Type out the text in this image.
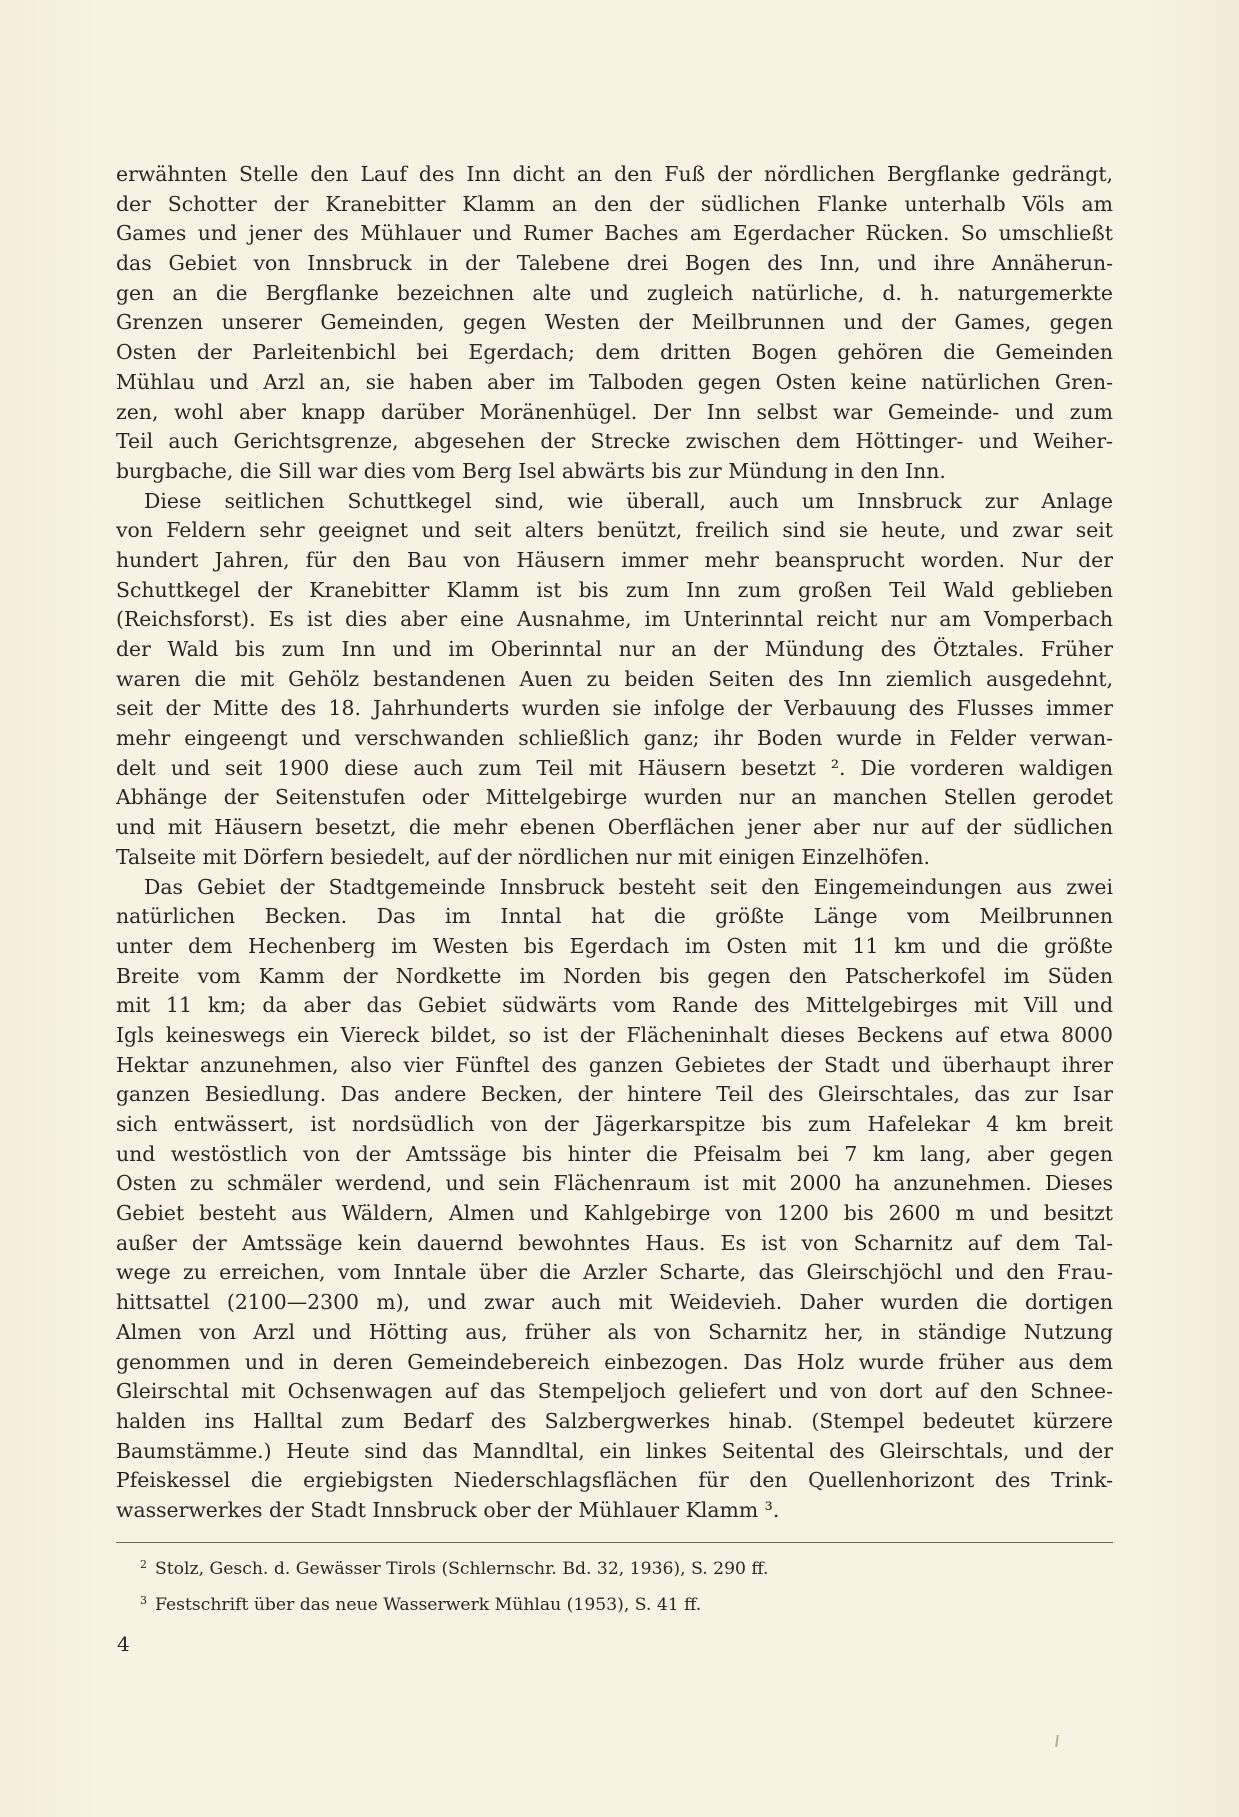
erwähnten Stelle den Lauf des Inn dicht an den Fuß der nördlichen Bergflanke gedrängt,
der Schotter der Kranebitter Klamm an den der südlichen Flanke unterhalb Völs am
Games und jener des Mühlauer und Rumer Baches am Egerdacher Rücken. So umschließt
das Gebiet von Innsbruck in der Talebene drei Bogen des Inn, und ihre Annäherun-
gen an die Bergflanke bezeichnen alte und zugleich natürliche, d. h. naturgemerkte
Grenzen unserer Gemeinden, gegen Westen der Meilbrunnen und der Games, gegen
Osten der Parleitenbichl bei Egerdach; dem dritten Bogen gehören die Gemeinden
Mühlau und Arzl an, sie haben aber im Talboden gegen Osten keine natürlichen Gren-
zen, wohl aber knapp darüber Moränenhügel. Der Inn selbst war Gemeinde- und zum
Teil auch Gerichtsgrenze, abgesehen der Strecke zwischen dem Höttinger- und Weiher-
burgbache, die Sill war dies vom Berg Isel abwärts bis zur Mündung in den Inn.
Diese seitlichen Schuttkegel sind, wie überall, auch um Innsbruck zur Anlage
von Feldern sehr geeignet und seit alters benützt, freilich sind sie heute, und zwar seit
hundert Jahren, für den Bau von Häusern immer mehr beansprucht worden. Nur der
Schuttkegel der Kranebitter Klamm ist bis zum Inn zum großen Teil Wald geblieben
(Reichsforst). Es ist dies aber eine Ausnahme, im Unterinntal reicht nur am Vomperbach
der Wald bis zum Inn und im Oberinntal nur an der Mündung des Ötztales. Früher
waren die mit Gehölz bestandenen Auen zu beiden Seiten des Inn ziemlich ausgedehnt,
seit der Mitte des 18. Jahrhunderts wurden sie infolge der Verbauung des Flusses immer
mehr eingeengt und verschwanden schließlich ganz; ihr Boden wurde in Felder verwan-
delt und seit 1900 diese auch zum Teil mit Häusern besetzt ². Die vorderen waldigen
Abhänge der Seitenstufen oder Mittelgebirge wurden nur an manchen Stellen gerodet
und mit Häusern besetzt, die mehr ebenen Oberflächen jener aber nur auf der südlichen
Talseite mit Dörfern besiedelt, auf der nördlichen nur mit einigen Einzelhöfen.
Das Gebiet der Stadtgemeinde Innsbruck besteht seit den Eingemeindungen aus zwei
natürlichen Becken. Das im Inntal hat die größte Länge vom Meilbrunnen
unter dem Hechenberg im Westen bis Egerdach im Osten mit 11 km und die größte
Breite vom Kamm der Nordkette im Norden bis gegen den Patscherkofel im Süden
mit 11 km; da aber das Gebiet südwärts vom Rande des Mittelgebirges mit Vill und
Igls keineswegs ein Viereck bildet, so ist der Flächeninhalt dieses Beckens auf etwa 8000
Hektar anzunehmen, also vier Fünftel des ganzen Gebietes der Stadt und überhaupt ihrer
ganzen Besiedlung. Das andere Becken, der hintere Teil des Gleirschtales, das zur Isar
sich entwässert, ist nordsüdlich von der Jägerkarspitze bis zum Hafelekar 4 km breit
und westöstlich von der Amtssäge bis hinter die Pfeisalm bei 7 km lang, aber gegen
Osten zu schmäler werdend, und sein Flächenraum ist mit 2000 ha anzunehmen. Dieses
Gebiet besteht aus Wäldern, Almen und Kahlgebirge von 1200 bis 2600 m und besitzt
außer der Amtssäge kein dauernd bewohntes Haus. Es ist von Scharnitz auf dem Tal-
wege zu erreichen, vom Inntale über die Arzler Scharte, das Gleirschjöchl und den Frau-
hittsattel (2100—2300 m), und zwar auch mit Weidevieh. Daher wurden die dortigen
Almen von Arzl und Hötting aus, früher als von Scharnitz her, in ständige Nutzung
genommen und in deren Gemeindebereich einbezogen. Das Holz wurde früher aus dem
Gleirschtal mit Ochsenwagen auf das Stempeljoch geliefert und von dort auf den Schnee-
halden ins Halltal zum Bedarf des Salzbergwerkes hinab. (Stempel bedeutet kürzere
Baumstämme.) Heute sind das Manndltal, ein linkes Seitental des Gleirschtals, und der
Pfeiskessel die ergiebigsten Niederschlagsflächen für den Quellenhorizont des Trink-
wasserwerkes der Stadt Innsbruck ober der Mühlauer Klamm ³.
$^2$ Stolz, Gesch. d. Gewässer Tirols (Schlernschr. Bd. 32, 1936), S. 290 ff.
$^3$ Festschrift über das neue Wasserwerk Mühlau (1953), S. 41 ff.
4
